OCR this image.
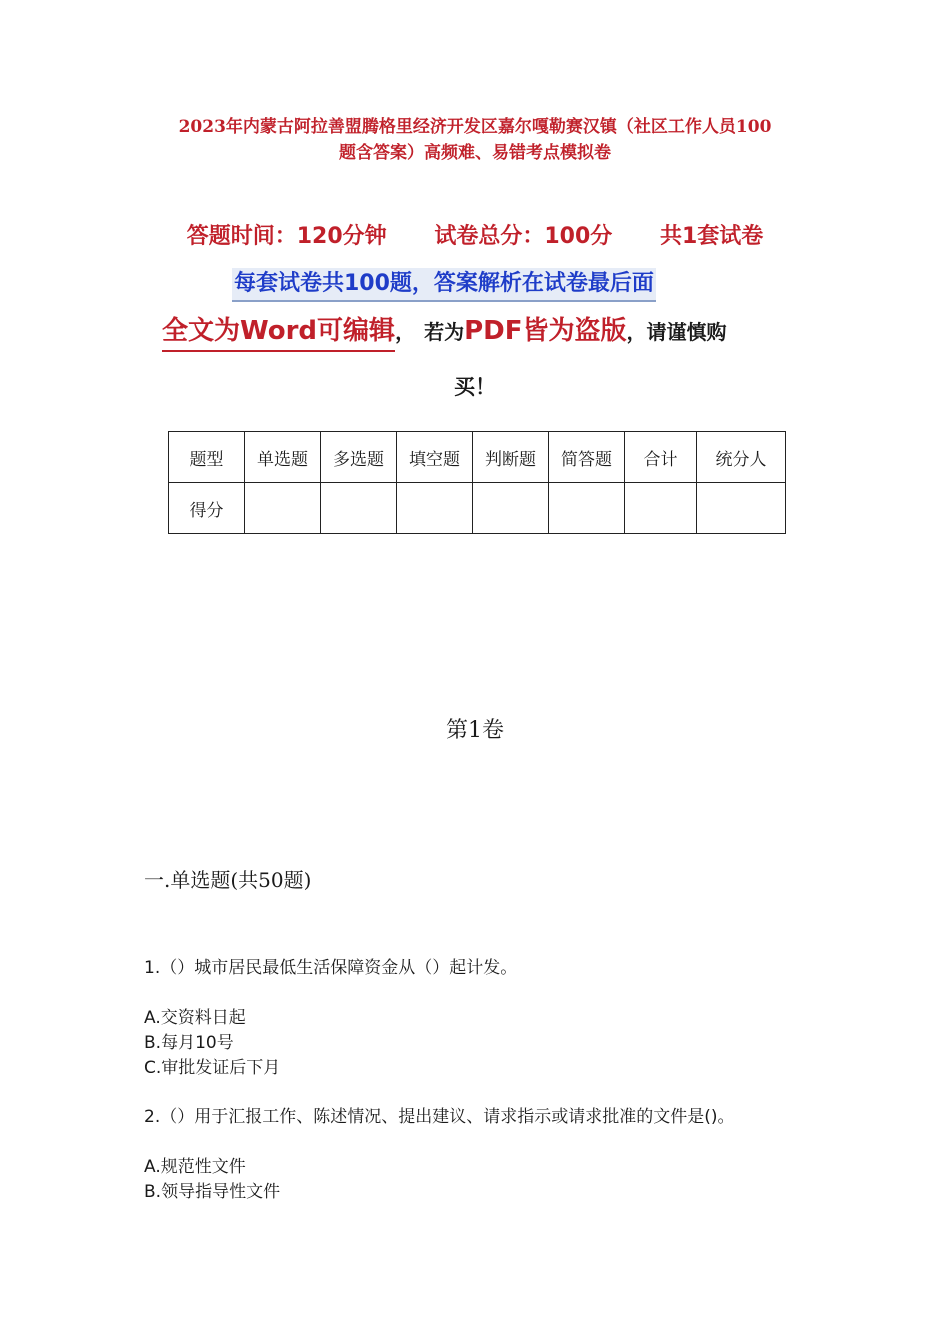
2023年内蒙古阿拉善盟腾格里经济开发区嘉尔嘎勒赛汉镇（社区工作人员100
题含答案）高频难、易错考点模拟卷
答题时间：120分钟 试卷总分：100分 共1套试卷
每套试卷共100题，答案解析在试卷最后面
全文为Word可编辑， 若为PDF皆为盗版，请谨慎购
买！
题型	单选题	多选题	填空题	判断题	简答题	合计	统分人
得分							
第1卷
一.单选题(共50题)
1.（）城市居民最低生活保障资金从（）起计发。
A.交资料日起
B.每月10号
C.审批发证后下月
2.（）用于汇报工作、陈述情况、提出建议、请求指示或请求批准的文件是()。
A.规范性文件
B.领导指导性文件
